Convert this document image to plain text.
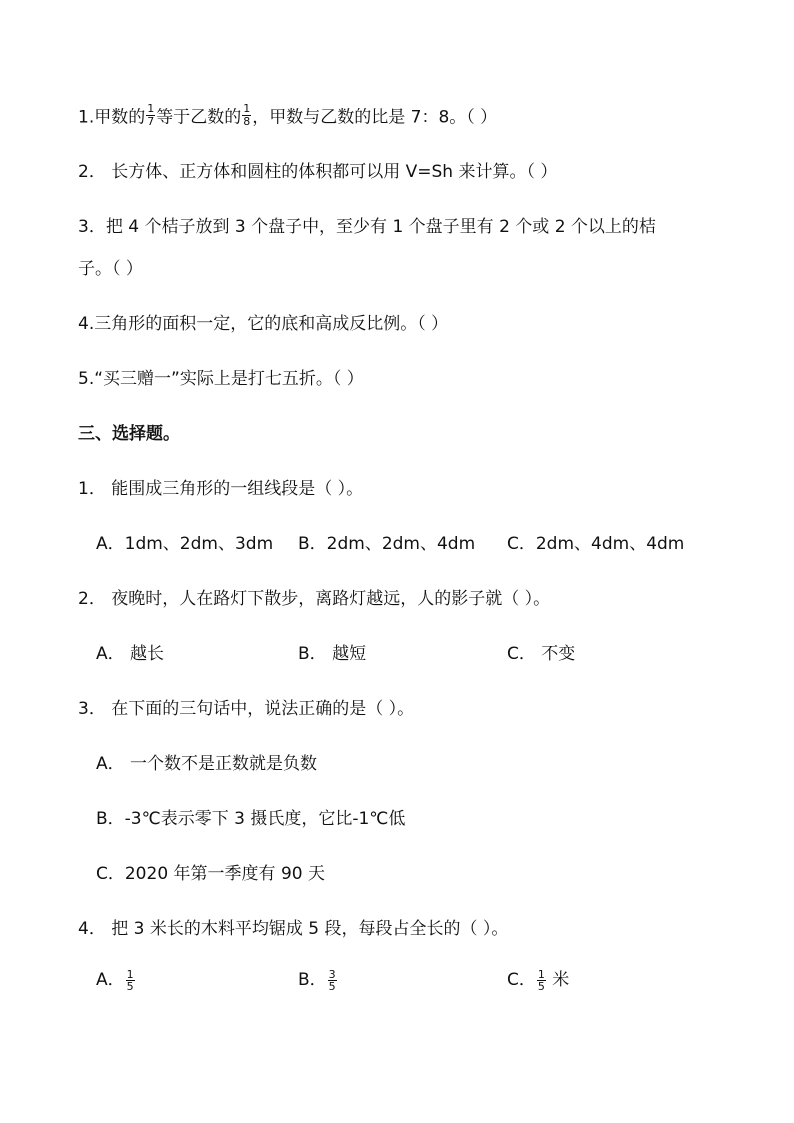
1.甲数的 $\frac{1}{7}$ 等于乙数的 $\frac{1}{8}$ ，甲数与乙数的比是 7：8。（ ）
2． 长方体、正方体和圆柱的体积都可以用 V=Sh 来计算。（ ）
3．把 4 个桔子放到 3 个盘子中，至少有 1 个盘子里有 2 个或 2 个以上的桔
子。（ ）
4.三角形的面积一定，它的底和高成反比例。（ ）
5.“买三赠一”实际上是打七五折。（ ）
三、选择题。
1． 能围成三角形的一组线段是（ ）。
A．1dm、2dm、3dm B．2dm、2dm、4dm C．2dm、4dm、4dm
2． 夜晚时，人在路灯下散步，离路灯越远，人的影子就（ ）。
A． 越长	B． 越短	C． 不变
3． 在下面的三句话中，说法正确的是（ ）。
A． 一个数不是正数就是负数
B．-3℃表示零下 3 摄氏度，它比-1℃低
C．2020 年第一季度有 90 天
4． 把 3 米长的木料平均锯成 5 段，每段占全长的（ ）。
A． $\frac{1}{5}$	B． $\frac{3}{5}$	C． $\frac{1}{5}$ 米
